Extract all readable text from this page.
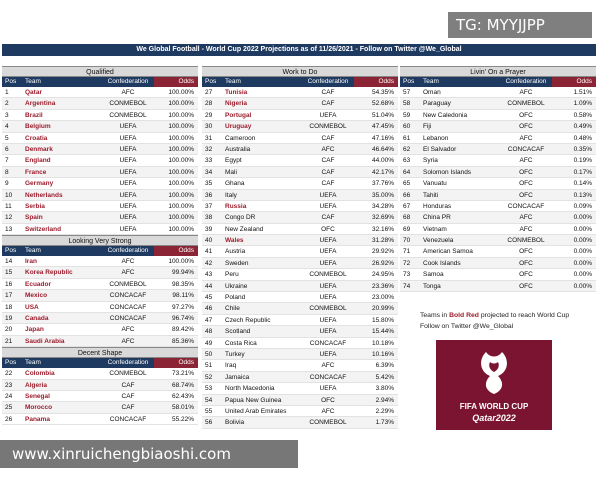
TG: MYYJJPP
We Global Football - World Cup 2022 Projections as of 11/26/2021 - Follow on Twitter @We_Global
Qualified
Pos	Team	Confederation	Odds
1	Qatar	AFC	100.00%
2	Argentina	CONMEBOL	100.00%
3	Brazil	CONMEBOL	100.00%
4	Belgium	UEFA	100.00%
5	Croatia	UEFA	100.00%
6	Denmark	UEFA	100.00%
7	England	UEFA	100.00%
8	France	UEFA	100.00%
9	Germany	UEFA	100.00%
10	Netherlands	UEFA	100.00%
11	Serbia	UEFA	100.00%
12	Spain	UEFA	100.00%
13	Switzerland	UEFA	100.00%
Looking Very Strong
Pos	Team	Confederation	Odds
14	Iran	AFC	100.00%
15	Korea Republic	AFC	99.94%
16	Ecuador	CONMEBOL	98.35%
17	Mexico	CONCACAF	98.11%
18	USA	CONCACAF	97.27%
19	Canada	CONCACAF	96.74%
20	Japan	AFC	89.42%
21	Saudi Arabia	AFC	85.36%
Decent Shape
Pos	Team	Confederation	Odds
22	Colombia	CONMEBOL	73.21%
23	Algeria	CAF	68.74%
24	Senegal	CAF	62.43%
25	Morocco	CAF	58.01%
26	Panama	CONCACAF	55.22%
Work to Do
Pos	Team	Confederation	Odds
27	Tunisia	CAF	54.35%
28	Nigeria	CAF	52.68%
29	Portugal	UEFA	51.04%
30	Uruguay	CONMEBOL	47.45%
31	Cameroon	CAF	47.16%
32	Australia	AFC	46.64%
33	Egypt	CAF	44.00%
34	Mali	CAF	42.17%
35	Ghana	CAF	37.76%
36	Italy	UEFA	35.00%
37	Russia	UEFA	34.28%
38	Congo DR	CAF	32.69%
39	New Zealand	OFC	32.16%
40	Wales	UEFA	31.28%
41	Austria	UEFA	29.92%
42	Sweden	UEFA	26.92%
43	Peru	CONMEBOL	24.95%
44	Ukraine	UEFA	23.36%
45	Poland	UEFA	23.00%
46	Chile	CONMEBOL	20.99%
47	Czech Republic	UEFA	15.80%
48	Scotland	UEFA	15.44%
49	Costa Rica	CONCACAF	10.18%
50	Turkey	UEFA	10.16%
51	Iraq	AFC	6.39%
52	Jamaica	CONCACAF	5.42%
53	North Macedonia	UEFA	3.80%
54	Papua New Guinea	OFC	2.94%
55	United Arab Emirates	AFC	2.29%
56	Bolivia	CONMEBOL	1.73%
Livin' On a Prayer
Pos	Team	Confederation	Odds
57	Oman	AFC	1.51%
58	Paraguay	CONMEBOL	1.09%
59	New Caledonia	OFC	0.58%
60	Fiji	OFC	0.49%
61	Lebanon	AFC	0.48%
62	El Salvador	CONCACAF	0.35%
63	Syria	AFC	0.19%
64	Solomon Islands	OFC	0.17%
65	Vanuatu	OFC	0.14%
66	Tahiti	OFC	0.13%
67	Honduras	CONCACAF	0.09%
68	China PR	AFC	0.00%
69	Vietnam	AFC	0.00%
70	Venezuela	CONMEBOL	0.00%
71	American Samoa	OFC	0.00%
72	Cook Islands	OFC	0.00%
73	Samoa	OFC	0.00%
74	Tonga	OFC	0.00%
Teams in Bold Red projected to reach World Cup
Follow on Twitter @We_Global
FIFA WORLD CUP
Qatar2022
www.xinruichengbiaoshi.com
